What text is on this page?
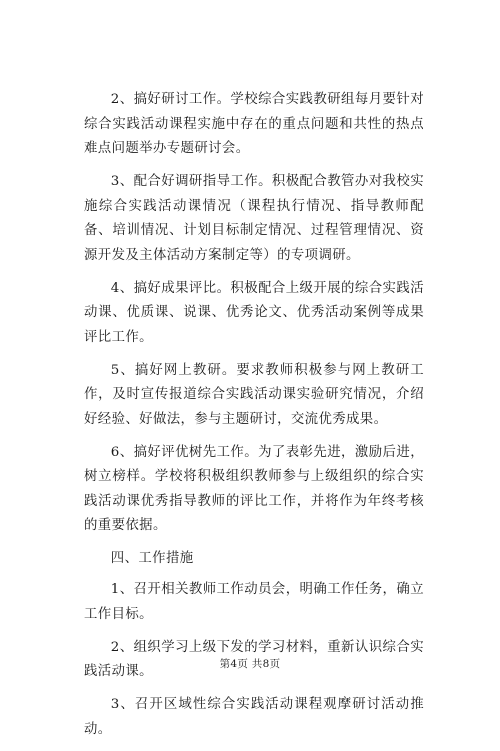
2、搞好研讨工作。学校综合实践教研组每月要针对综合实践活动课程实施中存在的重点问题和共性的热点难点问题举办专题研讨会。

3、配合好调研指导工作。积极配合教管办对我校实施综合实践活动课情况（课程执行情况、指导教师配备、培训情况、计划目标制定情况、过程管理情况、资源开发及主体活动方案制定等）的专项调研。

4、搞好成果评比。积极配合上级开展的综合实践活动课、优质课、说课、优秀论文、优秀活动案例等成果评比工作。

5、搞好网上教研。要求教师积极参与网上教研工作，及时宣传报道综合实践活动课实验研究情况，介绍好经验、好做法，参与主题研讨，交流优秀成果。

6、搞好评优树先工作。为了表彰先进，激励后进，树立榜样。学校将积极组织教师参与上级组织的综合实践活动课优秀指导教师的评比工作，并将作为年终考核的重要依据。

四、工作措施

1、召开相关教师工作动员会，明确工作任务，确立工作目标。

2、组织学习上级下发的学习材料，重新认识综合实践活动课。

3、召开区域性综合实践活动课程观摩研讨活动推动。

第4页 共8页
